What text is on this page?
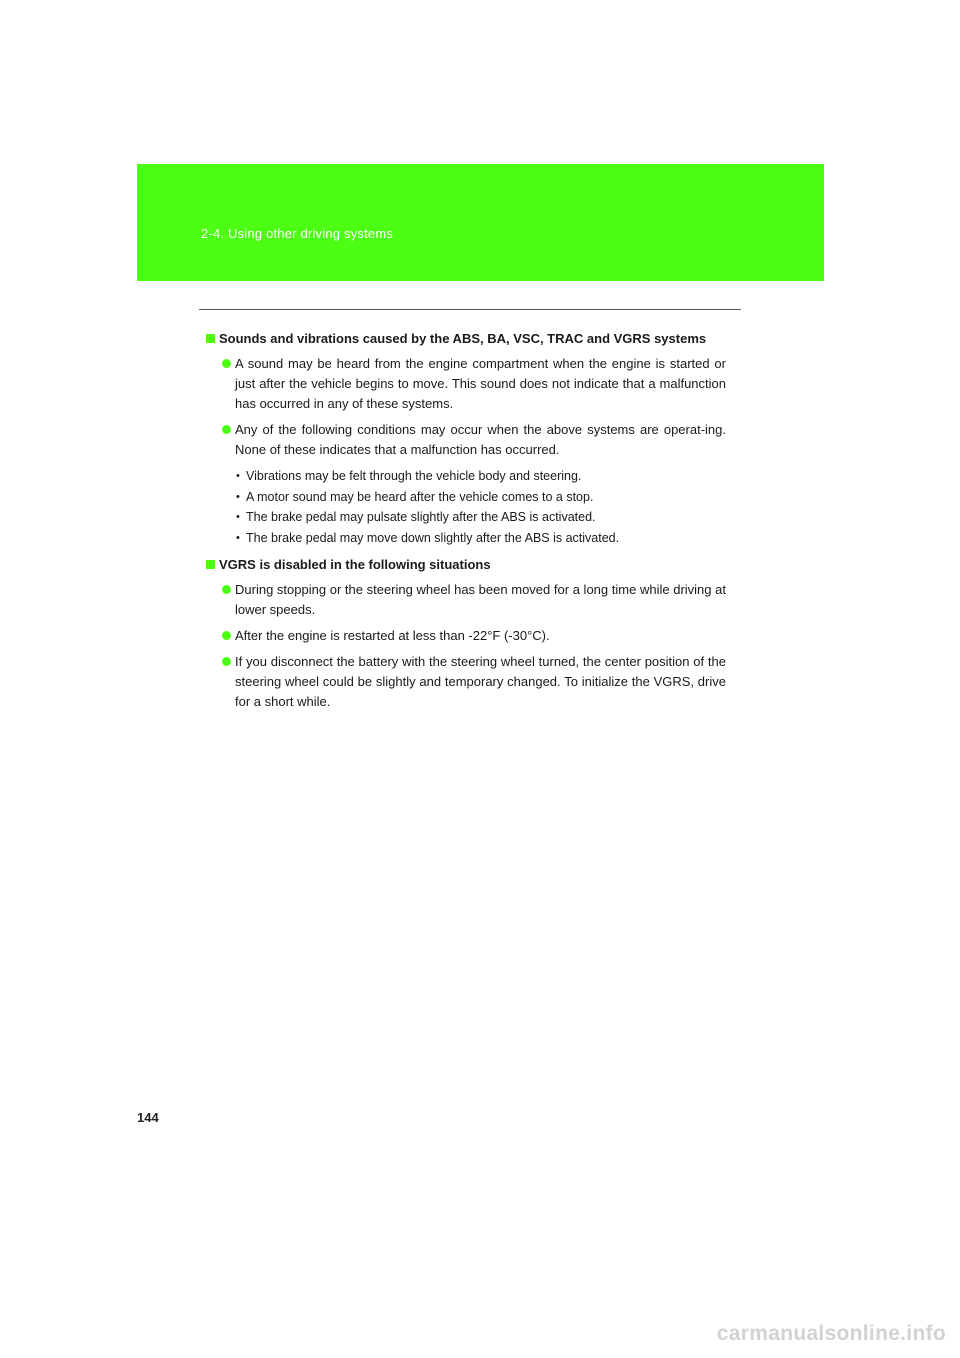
2-4. Using other driving systems
Sounds and vibrations caused by the ABS, BA, VSC, TRAC and VGRS systems
A sound may be heard from the engine compartment when the engine is started or just after the vehicle begins to move. This sound does not indicate that a malfunction has occurred in any of these systems.
Any of the following conditions may occur when the above systems are operat-ing. None of these indicates that a malfunction has occurred.
• Vibrations may be felt through the vehicle body and steering.
• A motor sound may be heard after the vehicle comes to a stop.
• The brake pedal may pulsate slightly after the ABS is activated.
• The brake pedal may move down slightly after the ABS is activated.
VGRS is disabled in the following situations
During stopping or the steering wheel has been moved for a long time while driving at lower speeds.
After the engine is restarted at less than -22°F (-30°C).
If you disconnect the battery with the steering wheel turned, the center position of the steering wheel could be slightly and temporary changed. To initialize the VGRS, drive for a short while.
144
carmanualsonline.info
